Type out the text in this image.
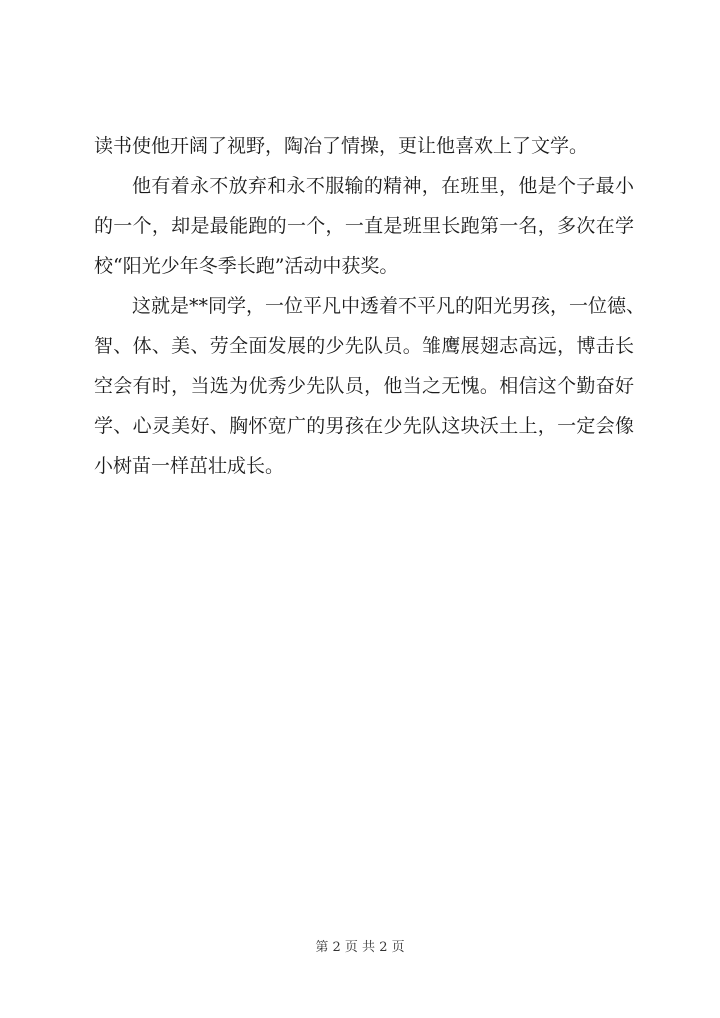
读书使他开阔了视野，陶冶了情操，更让他喜欢上了文学。
他有着永不放弃和永不服输的精神，在班里，他是个子最小
的一个，却是最能跑的一个，一直是班里长跑第一名，多次在学
校“阳光少年冬季长跑”活动中获奖。
这就是**同学，一位平凡中透着不平凡的阳光男孩，一位德、
智、体、美、劳全面发展的少先队员。雏鹰展翅志高远，博击长
空会有时，当选为优秀少先队员，他当之无愧。相信这个勤奋好
学、心灵美好、胸怀宽广的男孩在少先队这块沃土上，一定会像
小树苗一样茁壮成长。
第 2 页 共 2 页
